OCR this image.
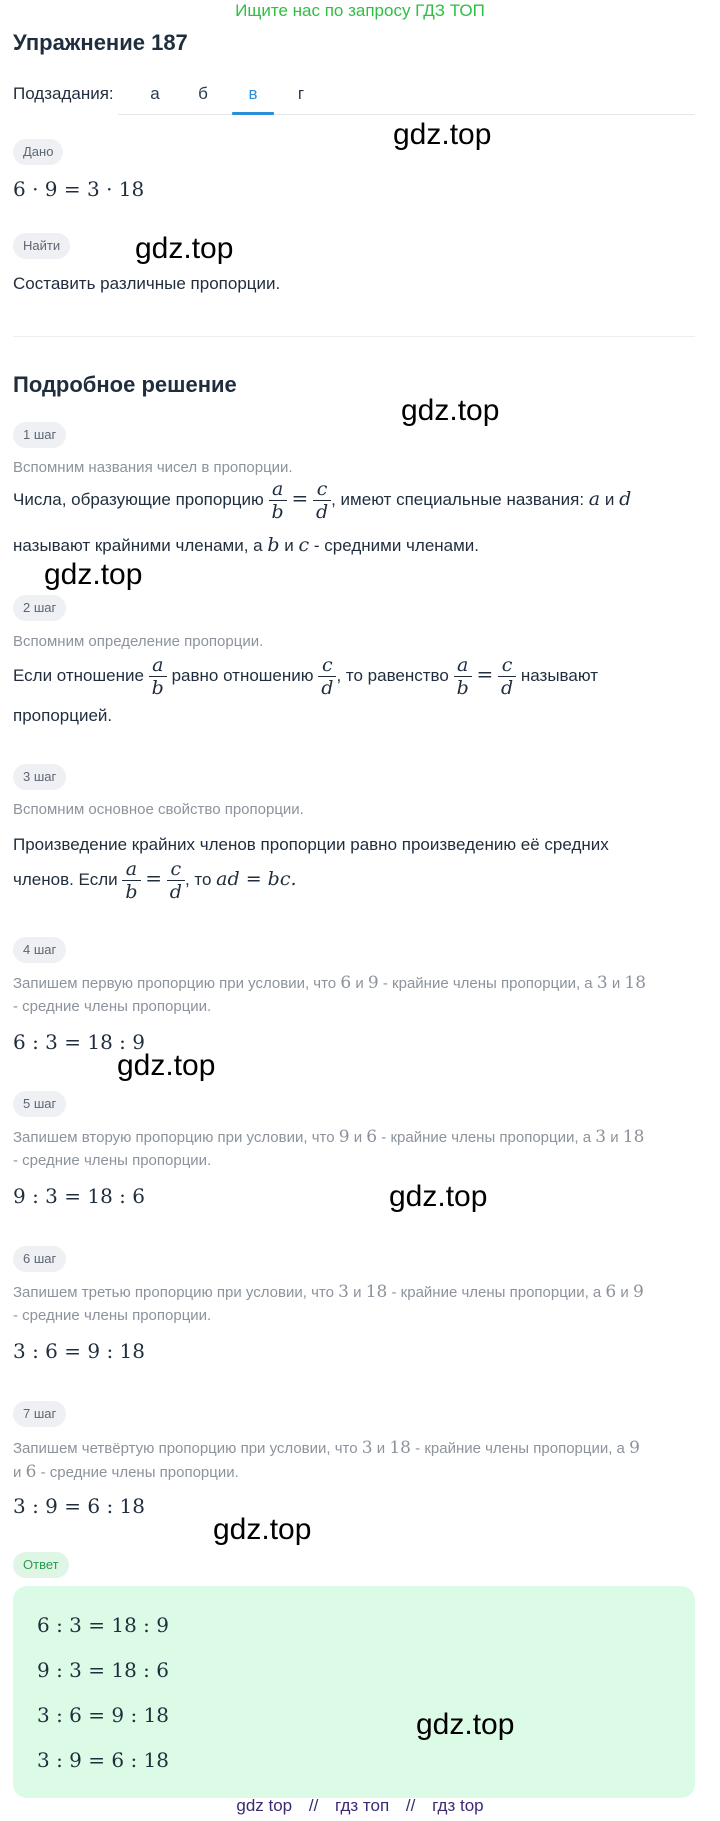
Ищите нас по запросу ГДЗ ТОП
Упражнение 187
Подзадания:	а	б	в	г
Дано
6 · 9 = 3 · 18
Найти
Составить различные пропорции.
Подробное решение
1 шаг
Вспомним названия чисел в пропорции.
Числа, образующие пропорцию $\frac{a}{b} = \frac{c}{d}$ , имеют специальные названия: a и d
называют крайними членами, а b и c - средними членами.
2 шаг
Вспомним определение пропорции.
Если отношение $\frac{a}{b}$ равно отношению $\frac{c}{d}$ , то равенство $\frac{a}{b} = \frac{c}{d}$ называют
пропорцией.
3 шаг
Вспомним основное свойство пропорции.
Произведение крайних членов пропорции равно произведению её средних
членов. Если $\frac{a}{b} = \frac{c}{d}$ , то ad = bc.
4 шаг
Запишем первую пропорцию при условии, что 6 и 9 - крайние члены пропорции, а 3 и 18
- средние члены пропорции.
6 : 3 = 18 : 9
5 шаг
Запишем вторую пропорцию при условии, что 9 и 6 - крайние члены пропорции, а 3 и 18
- средние члены пропорции.
9 : 3 = 18 : 6
6 шаг
Запишем третью пропорцию при условии, что 3 и 18 - крайние члены пропорции, а 6 и 9
- средние члены пропорции.
3 : 6 = 9 : 18
7 шаг
Запишем четвёртую пропорцию при условии, что 3 и 18 - крайние члены пропорции, а 9
и 6 - средние члены пропорции.
3 : 9 = 6 : 18
Ответ
6 : 3 = 18 : 9
9 : 3 = 18 : 6
3 : 6 = 9 : 18
3 : 9 = 6 : 18
gdz.top
gdz.top
gdz.top
gdz.top
gdz.top
gdz.top
gdz.top
gdz.top
gdz top // гдз топ // гдз top
